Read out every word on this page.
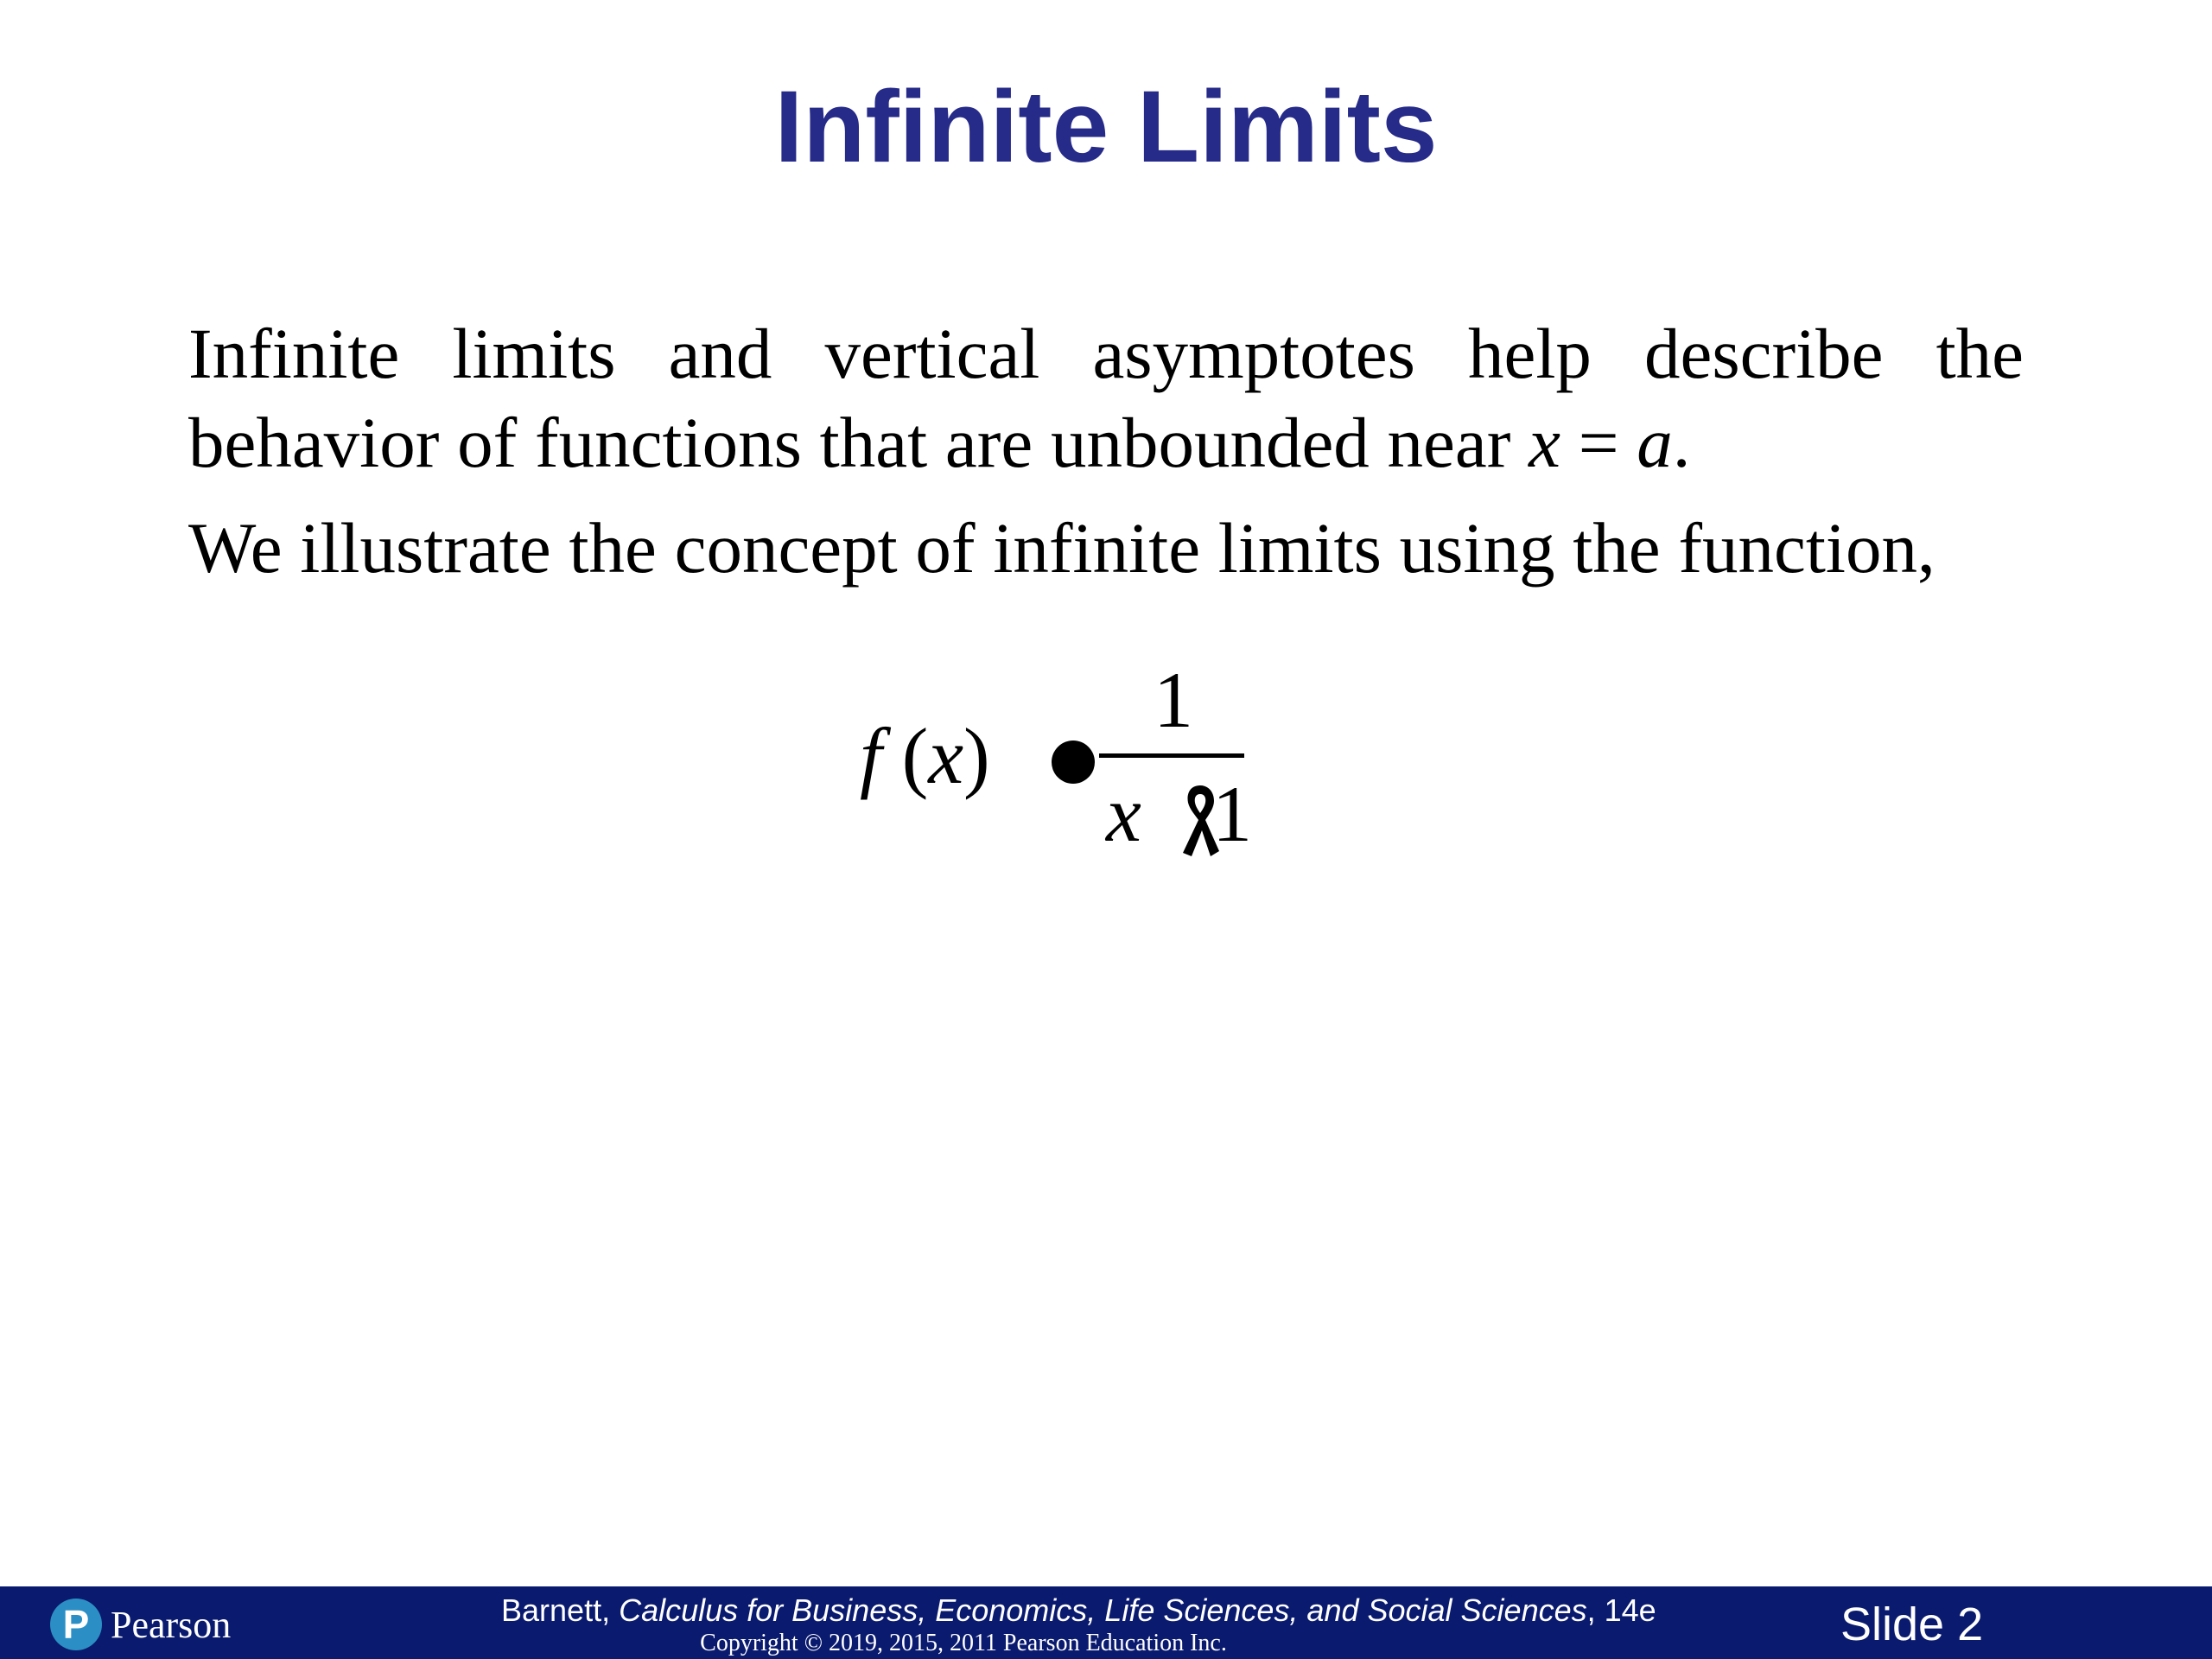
Infinite Limits

Infinite limits and vertical asymptotes help describe the behavior of functions that are unbounded near x = a.

We illustrate the concept of infinite limits using the function,

f (x)
1
x 1
P Pearson	Barnett, Calculus for Business, Economics, Life Sciences, and Social Sciences, 14e
Copyright © 2019, 2015, 2011 Pearson Education Inc.	Slide 2
